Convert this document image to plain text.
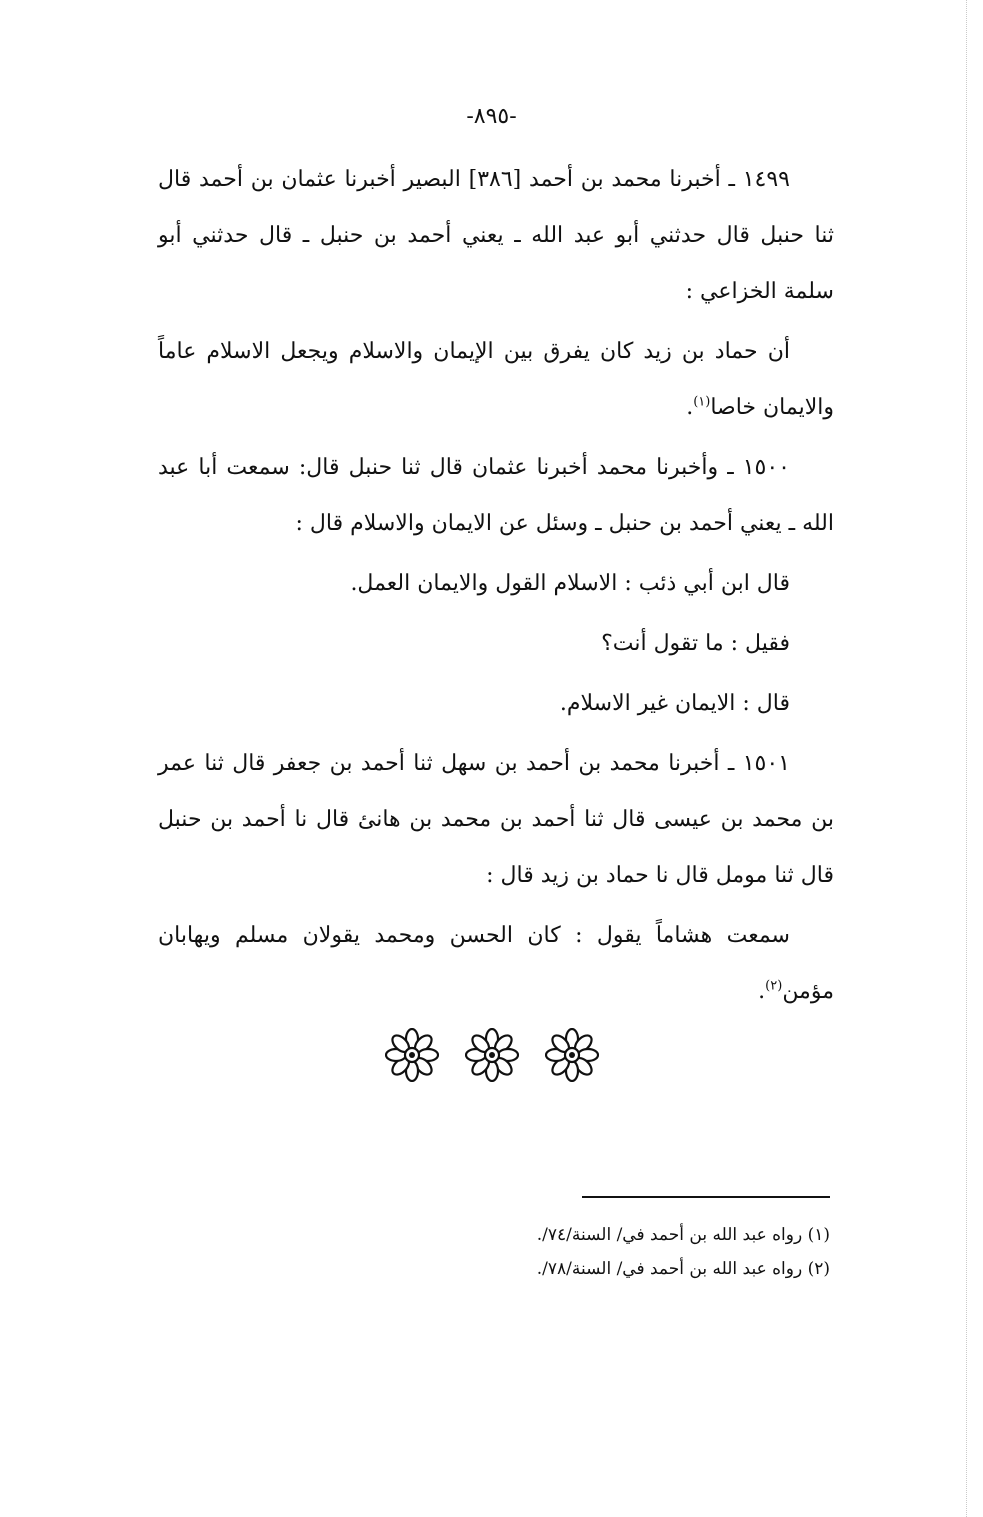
-٨٩٥-

١٤٩٩ ـ أخبرنا محمد بن أحمد [٣٨٦] البصير أخبرنا عثمان بن أحمد قال ثنا حنبل قال حدثني أبو عبد الله ـ يعني أحمد بن حنبل ـ قال حدثني أبو سلمة الخزاعي :

أن حماد بن زيد كان يفرق بين الإيمان والاسلام ويجعل الاسلام عاماً والايمان خاصا$^{(١)}$.

١٥٠٠ ـ وأخبرنا محمد أخبرنا عثمان قال ثنا حنبل قال: سمعت أبا عبد الله ـ يعني أحمد بن حنبل ـ وسئل عن الايمان والاسلام قال :

قال ابن أبي ذئب : الاسلام القول والايمان العمل.

فقيل : ما تقول أنت؟

قال : الايمان غير الاسلام.

١٥٠١ ـ أخبرنا محمد بن أحمد بن سهل ثنا أحمد بن جعفر قال ثنا عمر بن محمد بن عيسى قال ثنا أحمد بن محمد بن هانئ قال نا أحمد بن حنبل قال ثنا مومل قال نا حماد بن زيد قال :

سمعت هشاماً يقول : كان الحسن ومحمد يقولان مسلم ويهابان مؤمن$^{(٢)}$.

(١) رواه عبد الله بن أحمد في/ السنة/٧٤/.

(٢) رواه عبد الله بن أحمد في/ السنة/٧٨/.
